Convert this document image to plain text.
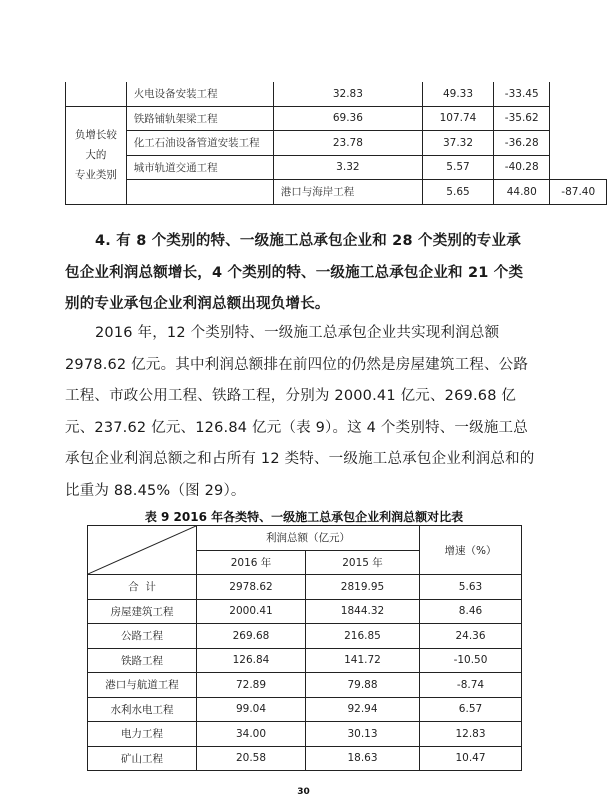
	火电设备安装工程	32.83	49.33	-33.45	

负增长较
大的
专业类别	铁路铺轨架梁工程	69.36	107.74	-35.62	
	化工石油设备管道安装工程	23.78	37.32	-36.28	
	城市轨道交通工程	3.32	5.57	-40.28	
		港口与海岸工程	5.65	44.80	-87.40
4. 有 8 个类别的特、一级施工总承包企业和 28 个类别的专业承包企业利润总额增长，4 个类别的特、一级施工总承包企业和 21 个类别的专业承包企业利润总额出现负增长。
2016 年，12 个类别特、一级施工总承包企业共实现利润总额 2978.62 亿元。其中利润总额排在前四位的仍然是房屋建筑工程、公路工程、市政公用工程、铁路工程，分别为 2000.41 亿元、269.68 亿元、237.62 亿元、126.84 亿元（表 9）。这 4 个类别特、一级施工总承包企业利润总额之和占所有 12 类特、一级施工总承包企业利润总和的比重为 88.45%（图 29）。
表 9 2016 年各类特、一级施工总承包企业利润总额对比表
	利润总额（亿元）		增速（%）
	2016 年	2015 年	
合  计	2978.62	2819.95	5.63
房屋建筑工程	2000.41	1844.32	8.46
公路工程	269.68	216.85	24.36
铁路工程	126.84	141.72	-10.50
港口与航道工程	72.89	79.88	-8.74
水利水电工程	99.04	92.94	6.57
电力工程	34.00	30.13	12.83
矿山工程	20.58	18.63	10.47
30
